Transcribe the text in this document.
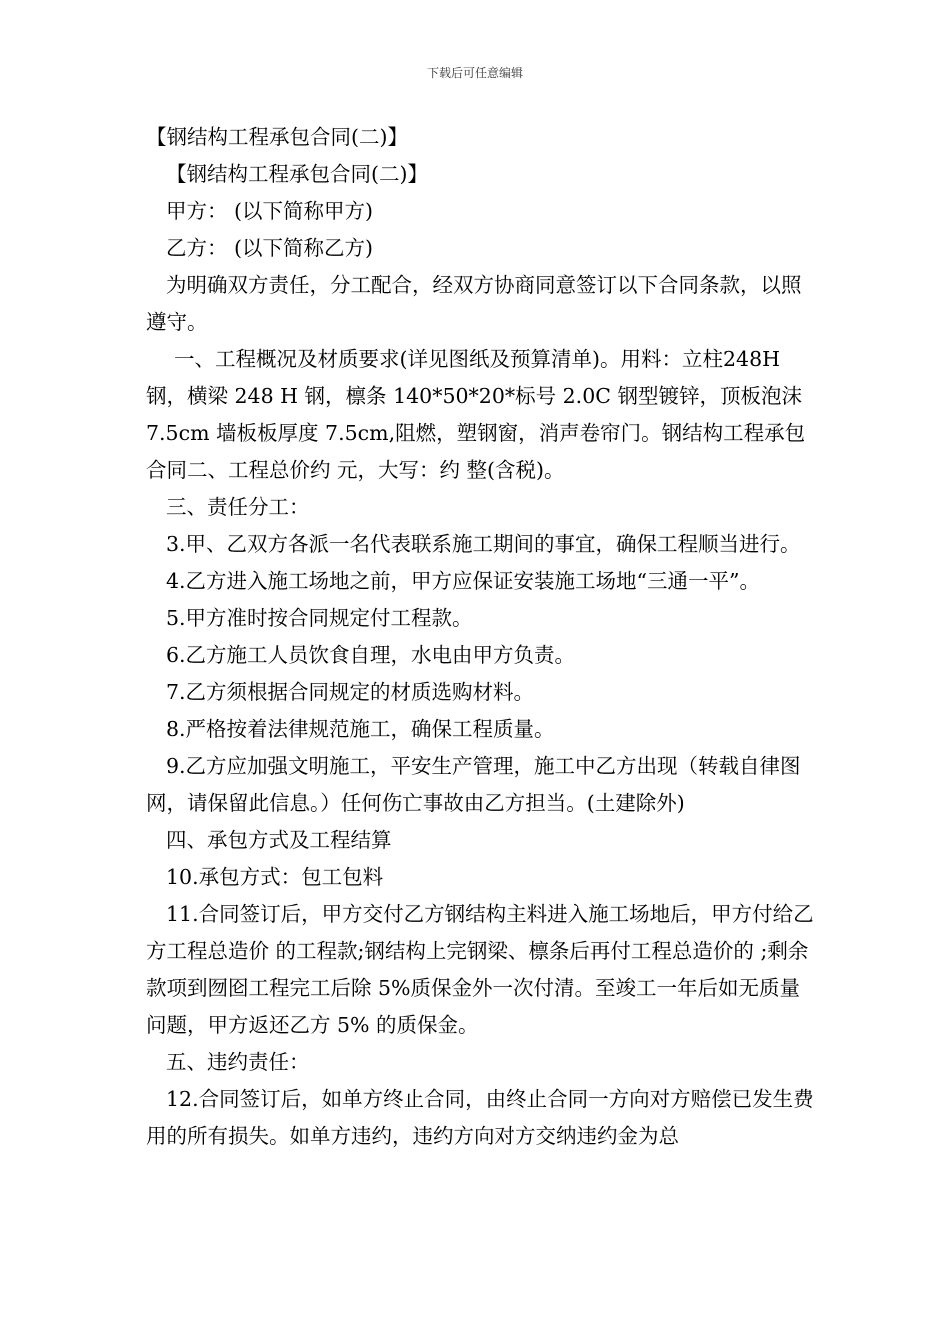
下载后可任意编辑

【钢结构工程承包合同(二)】

【钢结构工程承包合同(二)】

甲方： (以下简称甲方)

乙方： (以下简称乙方)

为明确双方责任，分工配合，经双方协商同意签订以下合同条款，以照遵守。

一、工程概况及材质要求(详见图纸及预算清单)。用料：立柱248H 钢，横梁 248 H 钢，檩条 140*50*20*标号 2.0C 钢型镀锌，顶板泡沫 7.5cm 墙板板厚度 7.5cm,阻燃，塑钢窗，消声卷帘门。钢结构工程承包合同二、工程总价约 元，大写：约 整(含税)。

三、责任分工：

3.甲、乙双方各派一名代表联系施工期间的事宜，确保工程顺当进行。

4.乙方进入施工场地之前，甲方应保证安装施工场地“三通一平”。

5.甲方准时按合同规定付工程款。

6.乙方施工人员饮食自理，水电由甲方负责。

7.乙方须根据合同规定的材质选购材料。

8.严格按着法律规范施工，确保工程质量。

9.乙方应加强文明施工，平安生产管理，施工中乙方出现（转载自律图网，请保留此信息。）任何伤亡事故由乙方担当。(土建除外)

四、承包方式及工程结算

10.承包方式：包工包料

11.合同签订后，甲方交付乙方钢结构主料进入施工场地后，甲方付给乙方工程总造价 的工程款;钢结构上完钢梁、檩条后再付工程总造价的 ;剩余款项到囫囵工程完工后除 5%质保金外一次付清。至竣工一年后如无质量问题，甲方返还乙方 5% 的质保金。

五、违约责任：

12.合同签订后，如单方终止合同，由终止合同一方向对方赔偿已发生费用的所有损失。如单方违约，违约方向对方交纳违约金为总
